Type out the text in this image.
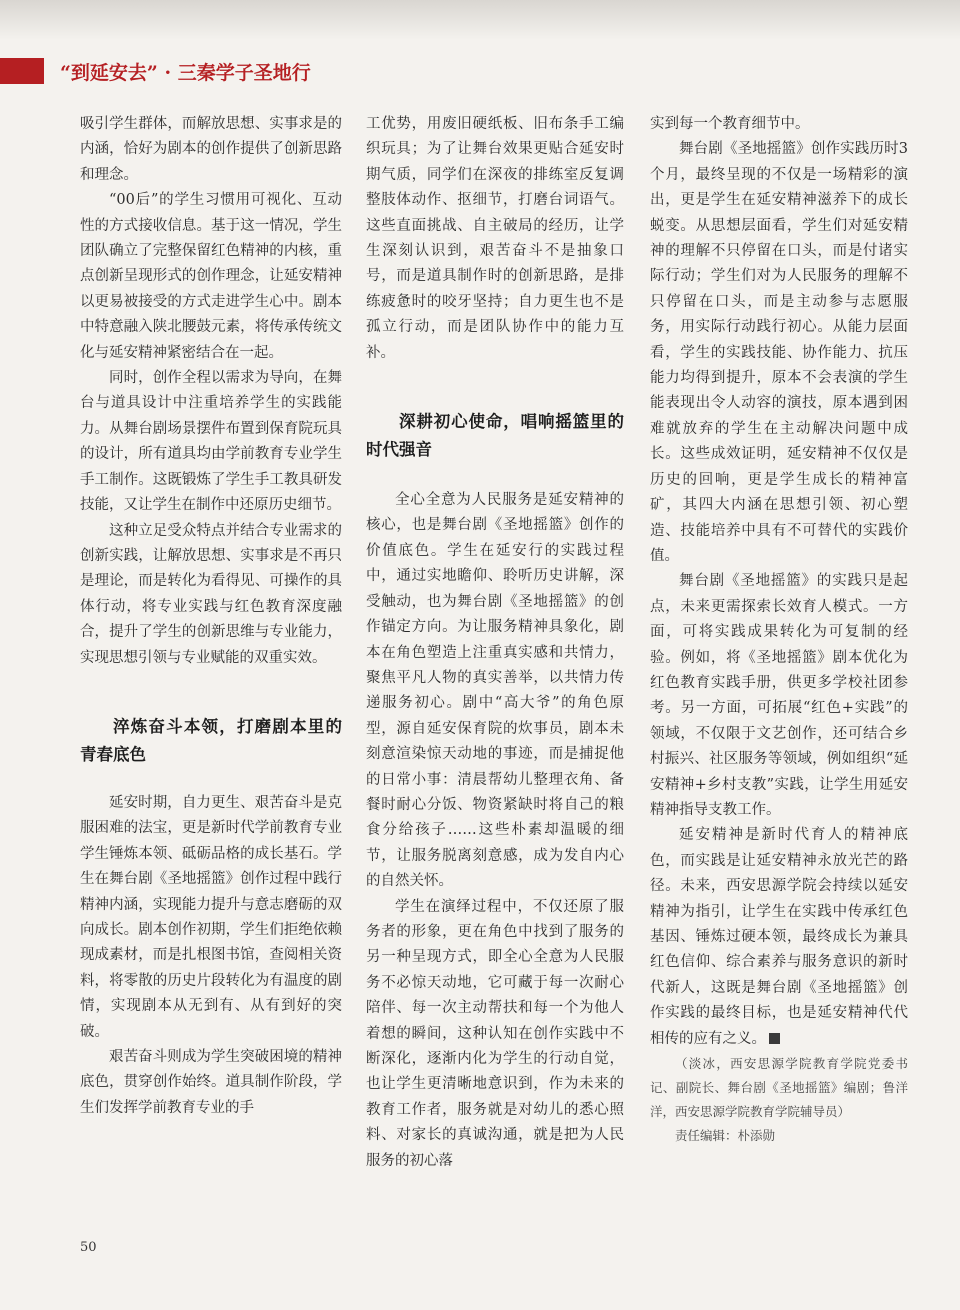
“到延安去” · 三秦学子圣地行

吸引学生群体，而解放思想、实事求是的内涵，恰好为剧本的创作提供了创新思路和理念。

“00后”的学生习惯用可视化、互动性的方式接收信息。基于这一情况，学生团队确立了完整保留红色精神的内核，重点创新呈现形式的创作理念，让延安精神以更易被接受的方式走进学生心中。剧本中特意融入陕北腰鼓元素，将传承传统文化与延安精神紧密结合在一起。

同时，创作全程以需求为导向，在舞台与道具设计中注重培养学生的实践能力。从舞台剧场景摆件布置到保育院玩具的设计，所有道具均由学前教育专业学生手工制作。这既锻炼了学生手工教具研发技能，又让学生在制作中还原历史细节。

这种立足受众特点并结合专业需求的创新实践，让解放思想、实事求是不再只是理论，而是转化为看得见、可操作的具体行动，将专业实践与红色教育深度融合，提升了学生的创新思维与专业能力，实现思想引领与专业赋能的双重实效。

淬炼奋斗本领，打磨剧本里的青春底色

延安时期，自力更生、艰苦奋斗是克服困难的法宝，更是新时代学前教育专业学生锤炼本领、砥砺品格的成长基石。学生在舞台剧《圣地摇篮》创作过程中践行精神内涵，实现能力提升与意志磨砺的双向成长。剧本创作初期，学生们拒绝依赖现成素材，而是扎根图书馆，查阅相关资料，将零散的历史片段转化为有温度的剧情，实现剧本从无到有、从有到好的突破。

艰苦奋斗则成为学生突破困境的精神底色，贯穿创作始终。道具制作阶段，学生们发挥学前教育专业的手

工优势，用废旧硬纸板、旧布条手工编织玩具；为了让舞台效果更贴合延安时期气质，同学们在深夜的排练室反复调整肢体动作、抠细节，打磨台词语气。这些直面挑战、自主破局的经历，让学生深刻认识到，艰苦奋斗不是抽象口号，而是道具制作时的创新思路，是排练疲惫时的咬牙坚持；自力更生也不是孤立行动，而是团队协作中的能力互补。

深耕初心使命，唱响摇篮里的时代强音

全心全意为人民服务是延安精神的核心，也是舞台剧《圣地摇篮》创作的价值底色。学生在延安行的实践过程中，通过实地瞻仰、聆听历史讲解，深受触动，也为舞台剧《圣地摇篮》的创作锚定方向。为让服务精神具象化，剧本在角色塑造上注重真实感和共情力，聚焦平凡人物的真实善举，以共情力传递服务初心。剧中“高大爷”的角色原型，源自延安保育院的炊事员，剧本未刻意渲染惊天动地的事迹，而是捕捉他的日常小事：清晨帮幼儿整理衣角、备餐时耐心分饭、物资紧缺时将自己的粮食分给孩子……这些朴素却温暖的细节，让服务脱离刻意感，成为发自内心的自然关怀。

学生在演绎过程中，不仅还原了服务者的形象，更在角色中找到了服务的另一种呈现方式，即全心全意为人民服务不必惊天动地，它可藏于每一次耐心陪伴、每一次主动帮扶和每一个为他人着想的瞬间，这种认知在创作实践中不断深化，逐渐内化为学生的行动自觉，也让学生更清晰地意识到，作为未来的教育工作者，服务就是对幼儿的悉心照料、对家长的真诚沟通，就是把为人民服务的初心落

实到每一个教育细节中。

舞台剧《圣地摇篮》创作实践历时3个月，最终呈现的不仅是一场精彩的演出，更是学生在延安精神滋养下的成长蜕变。从思想层面看，学生们对延安精神的理解不只停留在口头，而是付诸实际行动；学生们对为人民服务的理解不只停留在口头，而是主动参与志愿服务，用实际行动践行初心。从能力层面看，学生的实践技能、协作能力、抗压能力均得到提升，原本不会表演的学生能表现出令人动容的演技，原本遇到困难就放弃的学生在主动解决问题中成长。这些成效证明，延安精神不仅仅是历史的回响，更是学生成长的精神富矿，其四大内涵在思想引领、初心塑造、技能培养中具有不可替代的实践价值。

舞台剧《圣地摇篮》的实践只是起点，未来更需探索长效育人模式。一方面，可将实践成果转化为可复制的经验。例如，将《圣地摇篮》剧本优化为红色教育实践手册，供更多学校社团参考。另一方面，可拓展“红色+实践”的领域，不仅限于文艺创作，还可结合乡村振兴、社区服务等领域，例如组织“延安精神+乡村支教”实践，让学生用延安精神指导支教工作。

延安精神是新时代育人的精神底色，而实践是让延安精神永放光芒的路径。未来，西安思源学院会持续以延安精神为指引，让学生在实践中传承红色基因、锤炼过硬本领，最终成长为兼具红色信仰、综合素养与服务意识的新时代新人，这既是舞台剧《圣地摇篮》创作实践的最终目标，也是延安精神代代相传的应有之义。

（淡冰，西安思源学院教育学院党委书记、副院长、舞台剧《圣地摇篮》编剧；鲁洋洋，西安思源学院教育学院辅导员）

责任编辑：朴添勋

50
